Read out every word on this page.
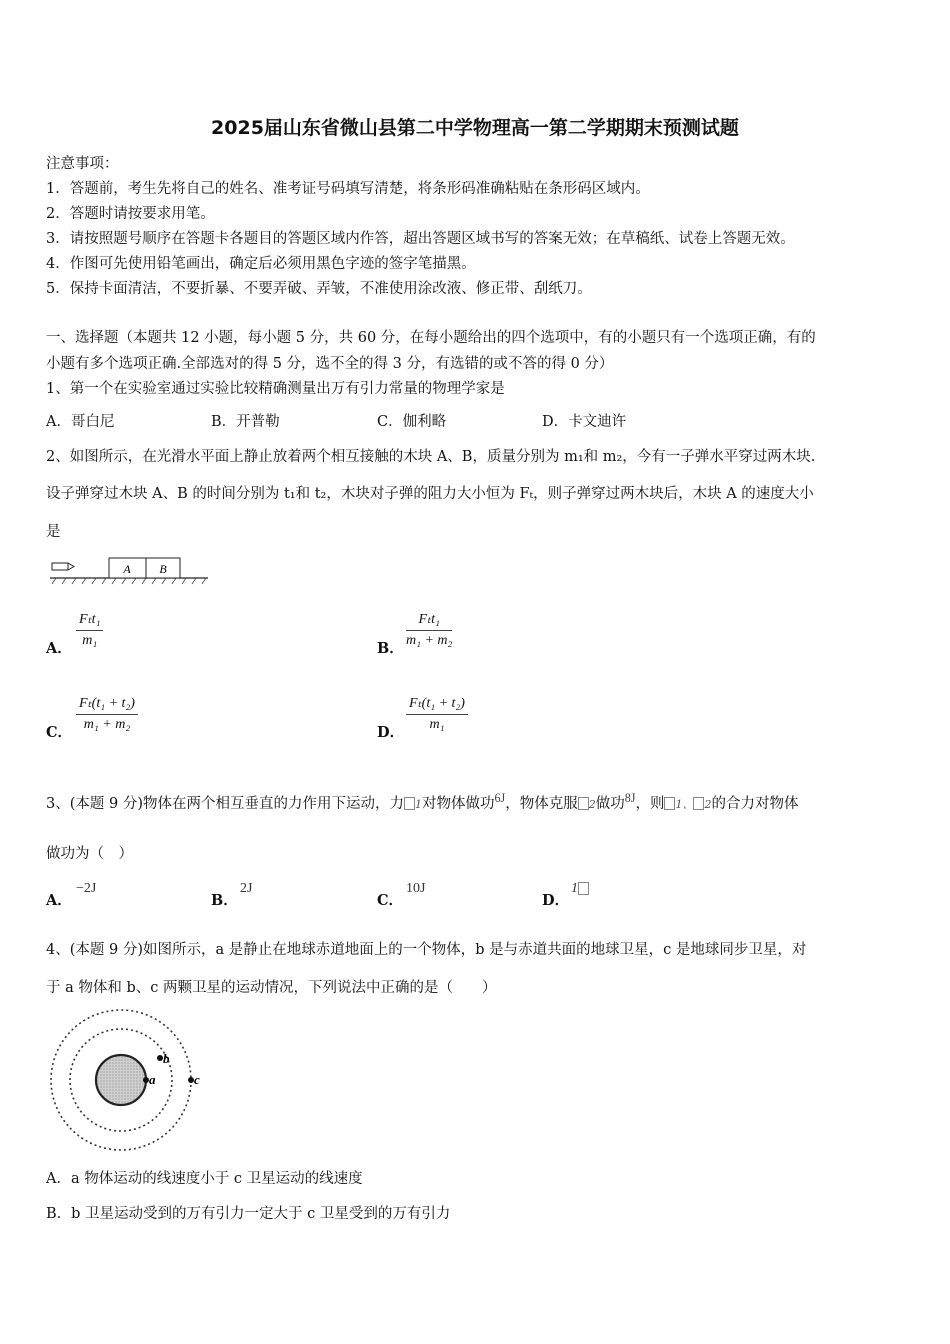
2025届山东省微山县第二中学物理高一第二学期期末预测试题
注意事项：
1．答题前，考生先将自己的姓名、准考证号码填写清楚，将条形码准确粘贴在条形码区域内。
2．答题时请按要求用笔。
3．请按照题号顺序在答题卡各题目的答题区域内作答，超出答题区域书写的答案无效；在草稿纸、试卷上答题无效。
4．作图可先使用铅笔画出，确定后必须用黑色字迹的签字笔描黑。
5．保持卡面清洁，不要折暴、不要弄破、弄皱，不准使用涂改液、修正带、刮纸刀。
一、选择题（本题共 12 小题，每小题 5 分，共 60 分，在每小题给出的四个选项中，有的小题只有一个选项正确，有的
小题有多个选项正确.全部选对的得 5 分，选不全的得 3 分，有选错的或不答的得 0 分）
1、第一个在实验室通过实验比较精确测量出万有引力常量的物理学家是
A．哥白尼	B．开普勒	C．伽利略	D．卡文迪许
2、如图所示，在光滑水平面上静止放着两个相互接触的木块 A、B，质量分别为 m₁和 m₂，今有一子弹水平穿过两木块.
设子弹穿过木块 A、B 的时间分别为 t₁和 t₂，木块对子弹的阻力大小恒为 Fₜ，则子弹穿过两木块后，木块 A 的速度大小
是
A B
A．
Fₜt₁
m₁	B．
Fₜt₁
m₁ + m₂
C． $\frac{\text{Fₜ(t₁ + t₂)}}{\text{m₁ + m₂}}$	D． $\frac{\text{Fₜ(t₁ + t₂)}}{\text{m₁}}$
3、(本题 9 分)物体在两个相互垂直的力作用下运动，力 1对物体做功$^{6J}$，物体克服 2做功$^{8J}$，则 1、 2的合力对物体
做功为（　）
A．
−2J
B．
2J
C．
10J
D．
1
4、(本题 9 分)如图所示，a 是静止在地球赤道地面上的一个物体，b 是与赤道共面的地球卫星，c 是地球同步卫星，对
于 a 物体和 b、c 两颗卫星的运动情况，下列说法中正确的是（　　）
a
b
c
A．a 物体运动的线速度小于 c 卫星运动的线速度
B．b 卫星运动受到的万有引力一定大于 c 卫星受到的万有引力
